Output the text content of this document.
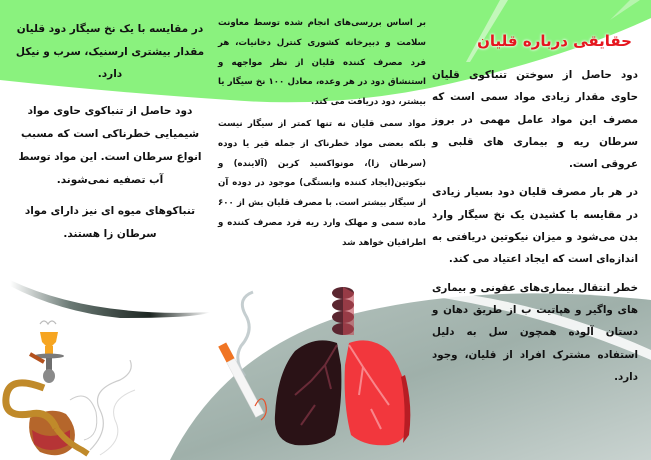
حقایقی درباره قلیان

دود حاصل از سوختن تنباکوی قلیان حاوی مقدار زیادی مواد سمی است که مصرف این مواد عامل مهمی در بروز سرطان ریه و بیماری های قلبی و عروقی است.

در هر بار مصرف قلیان دود بسیار زیادی در مقایسه با کشیدن یک نخ سیگار وارد بدن می‌شود و میزان نیکوتین دریافتی به اندازه‌ای است که ایجاد اعتیاد می کند.

خطر انتقال بیماری‌های عفونی و بیماری های واگیر و هپاتیت ب از طریق دهان و دستان آلوده همچون سل به دلیل استفاده مشترک افراد از قلیان، وجود دارد.

بر اساس بررسی‌های انجام شده توسط معاونت سلامت و دبیرخانه کشوری کنترل دخانیات، هر فرد مصرف کننده قلیان از نظر مواجهه و استنشاق دود در هر وعده، معادل ۱۰۰ نخ سیگار یا بیشتر، دود دریافت می کند.

مواد سمی قلیان نه تنها کمتر از سیگار نیست بلکه بعضی مواد خطرناک از جمله قیر یا دوده (سرطان زا)، مونواکسید کربن (آلاینده) و نیکوتین(ایجاد کننده وابستگی) موجود در دوده آن از سیگار بیشتر است. با مصرف قلیان بش از ۶۰۰ ماده سمی و مهلک وارد ریه فرد مصرف کننده و اطرافیان خواهد شد

در مقایسه با یک نخ سیگار دود قلیان مقدار بیشتری ارسنیک، سرب و نیکل دارد.

دود حاصل از تنباکوی حاوی مواد شیمیایی خطرناکی است که مسبب انواع سرطان است. این مواد توسط آب تصفیه نمی‌شوند.

تنباکوهای میوه ای نیز دارای مواد سرطان زا هستند.
